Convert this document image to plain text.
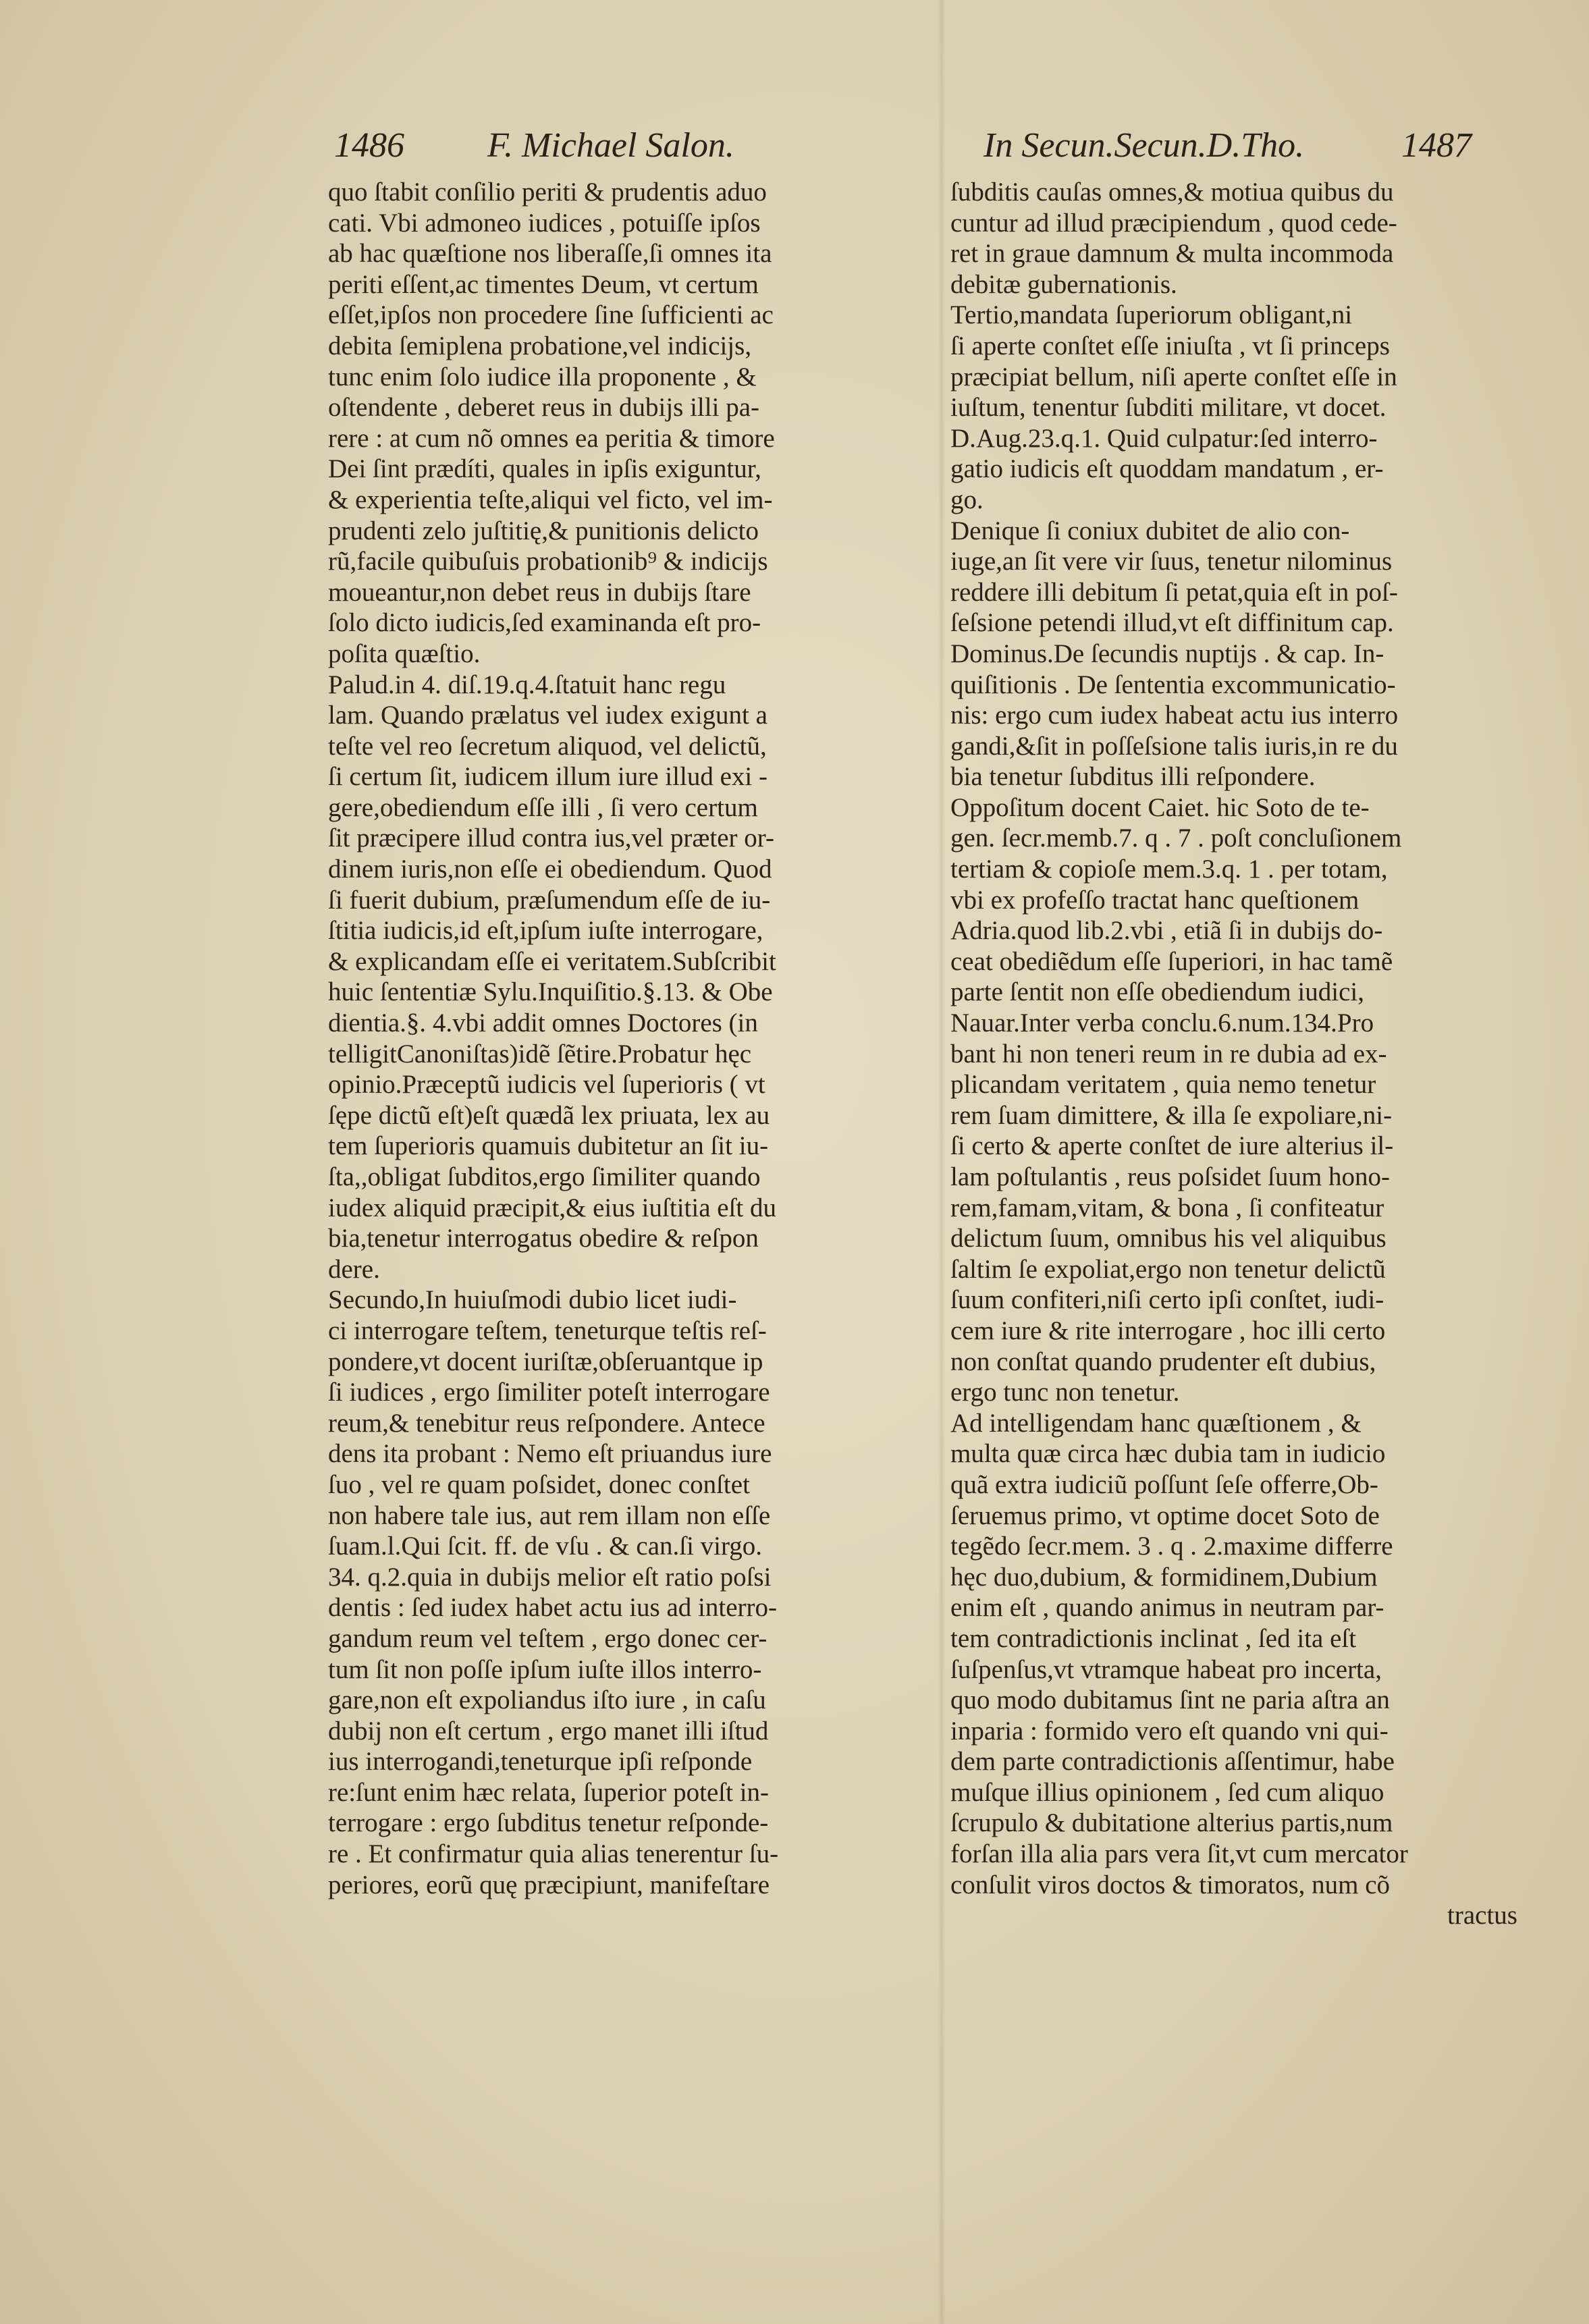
1486 F. Michael Salon.	In Secun.Secun.D.Tho.	1487
quo ſtabit conſilio periti & prudentis aduo
cati. Vbi admoneo iudices , potuiſſe ipſos
ab hac quæſtione nos liberaſſe,ſi omnes ita
periti eſſent,ac timentes Deum, vt certum
eſſet,ipſos non procedere ſine ſufficienti ac
debita ſemiplena probatione,vel indicijs,
tunc enim ſolo iudice illa proponente , &
oſtendente , deberet reus in dubijs illi pa-
rere : at cum nõ omnes ea peritia & timore
Dei ſint prædíti, quales in ipſis exiguntur,
& experientia teſte,aliqui vel ficto, vel im-
prudenti zelo juſtitię,& punitionis delicto
rũ,facile quibuſuis probationib⁹ & indicijs
moueantur,non debet reus in dubijs ſtare
ſolo dicto iudicis,ſed examinanda eſt pro-
poſita quæſtio.
Palud.in 4. diſ.19.q.4.ſtatuit hanc regu
lam. Quando prælatus vel iudex exigunt a
teſte vel reo ſecretum aliquod, vel delictũ,
ſi certum ſit, iudicem illum iure illud exi -
gere,obediendum eſſe illi , ſi vero certum
ſit præcipere illud contra ius,vel præter or-
dinem iuris,non eſſe ei obediendum. Quod
ſi fuerit dubium, præſumendum eſſe de iu-
ſtitia iudicis,id eſt,ipſum iuſte interrogare,
& explicandam eſſe ei veritatem.Subſcribit
huic ſententiæ Sylu.Inquiſitio.§.13. & Obe
dientia.§. 4.vbi addit omnes Doctores (in
telligitCanoniſtas)idẽ ſẽtire.Probatur hęc
opinio.Præceptũ iudicis vel ſuperioris ( vt
ſępe dictũ eſt)eſt quædã lex priuata, lex au
tem ſuperioris quamuis dubitetur an ſit iu-
ſta,,obligat ſubditos,ergo ſimiliter quando
iudex aliquid præcipit,& eius iuſtitia eſt du
bia,tenetur interrogatus obedire & reſpon
dere.
Secundo,In huiuſmodi dubio licet iudi-
ci interrogare teſtem, teneturque teſtis reſ-
pondere,vt docent iuriſtæ,obſeruantque ip
ſi iudices , ergo ſimiliter poteſt interrogare
reum,& tenebitur reus reſpondere. Antece
dens ita probant : Nemo eſt priuandus iure
ſuo , vel re quam poſsidet, donec conſtet
non habere tale ius, aut rem illam non eſſe
ſuam.l.Qui ſcit. ff. de vſu . & can.ſi virgo.
34. q.2.quia in dubijs melior eſt ratio poſsi
dentis : ſed iudex habet actu ius ad interro-
gandum reum vel teſtem , ergo donec cer-
tum ſit non poſſe ipſum iuſte illos interro-
gare,non eſt expoliandus iſto iure , in caſu
dubij non eſt certum , ergo manet illi iſtud
ius interrogandi,teneturque ipſi reſponde
re:ſunt enim hæc relata, ſuperior poteſt in-
terrogare : ergo ſubditus tenetur reſponde-
re . Et confirmatur quia alias tenerentur ſu-
periores, eorũ quę præcipiunt, manifeſtare
ſubditis cauſas omnes,& motiua quibus du
cuntur ad illud præcipiendum , quod cede-
ret in graue damnum & multa incommoda
debitæ gubernationis.
Tertio,mandata ſuperiorum obligant,ni
ſi aperte conſtet eſſe iniuſta , vt ſi princeps
præcipiat bellum, niſi aperte conſtet eſſe in
iuſtum, tenentur ſubditi militare, vt docet.
D.Aug.23.q.1. Quid culpatur:ſed interro-
gatio iudicis eſt quoddam mandatum , er-
go.
Denique ſi coniux dubitet de alio con-
iuge,an ſit vere vir ſuus, tenetur nilominus
reddere illi debitum ſi petat,quia eſt in poſ-
ſeſsione petendi illud,vt eſt diffinitum cap.
Dominus.De ſecundis nuptijs . & cap. In-
quiſitionis . De ſententia excommunicatio-
nis: ergo cum iudex habeat actu ius interro
gandi,&ſit in poſſeſsione talis iuris,in re du
bia tenetur ſubditus illi reſpondere.
Oppoſitum docent Caiet. hic Soto de te-
gen. ſecr.memb.7. q . 7 . poſt concluſionem
tertiam & copioſe mem.3.q. 1 . per totam,
vbi ex profeſſo tractat hanc queſtionem
Adria.quod lib.2.vbi , etiã ſi in dubijs do-
ceat obediẽdum eſſe ſuperiori, in hac tamẽ
parte ſentit non eſſe obediendum iudici,
Nauar.Inter verba conclu.6.num.134.Pro
bant hi non teneri reum in re dubia ad ex-
plicandam veritatem , quia nemo tenetur
rem ſuam dimittere, & illa ſe expoliare,ni-
ſi certo & aperte conſtet de iure alterius il-
lam poſtulantis , reus poſsidet ſuum hono-
rem,famam,vitam, & bona , ſi confiteatur
delictum ſuum, omnibus his vel aliquibus
ſaltim ſe expoliat,ergo non tenetur delictũ
ſuum confiteri,niſi certo ipſi conſtet, iudi-
cem iure & rite interrogare , hoc illi certo
non conſtat quando prudenter eſt dubius,
ergo tunc non tenetur.
Ad intelligendam hanc quæſtionem , &
multa quæ circa hæc dubia tam in iudicio
quã extra iudiciũ poſſunt ſeſe offerre,Ob-
ſeruemus primo, vt optime docet Soto de
tegẽdo ſecr.mem. 3 . q . 2.maxime differre
hęc duo,dubium, & formidinem,Dubium
enim eſt , quando animus in neutram par-
tem contradictionis inclinat , ſed ita eſt
ſuſpenſus,vt vtramque habeat pro incerta,
quo modo dubitamus ſint ne paria aſtra an
inparia : formido vero eſt quando vni qui-
dem parte contradictionis aſſentimur, habe
muſque illius opinionem , ſed cum aliquo
ſcrupulo & dubitatione alterius partis,num
forſan illa alia pars vera ſit,vt cum mercator
conſulit viros doctos & timoratos, num cõ
tractus
